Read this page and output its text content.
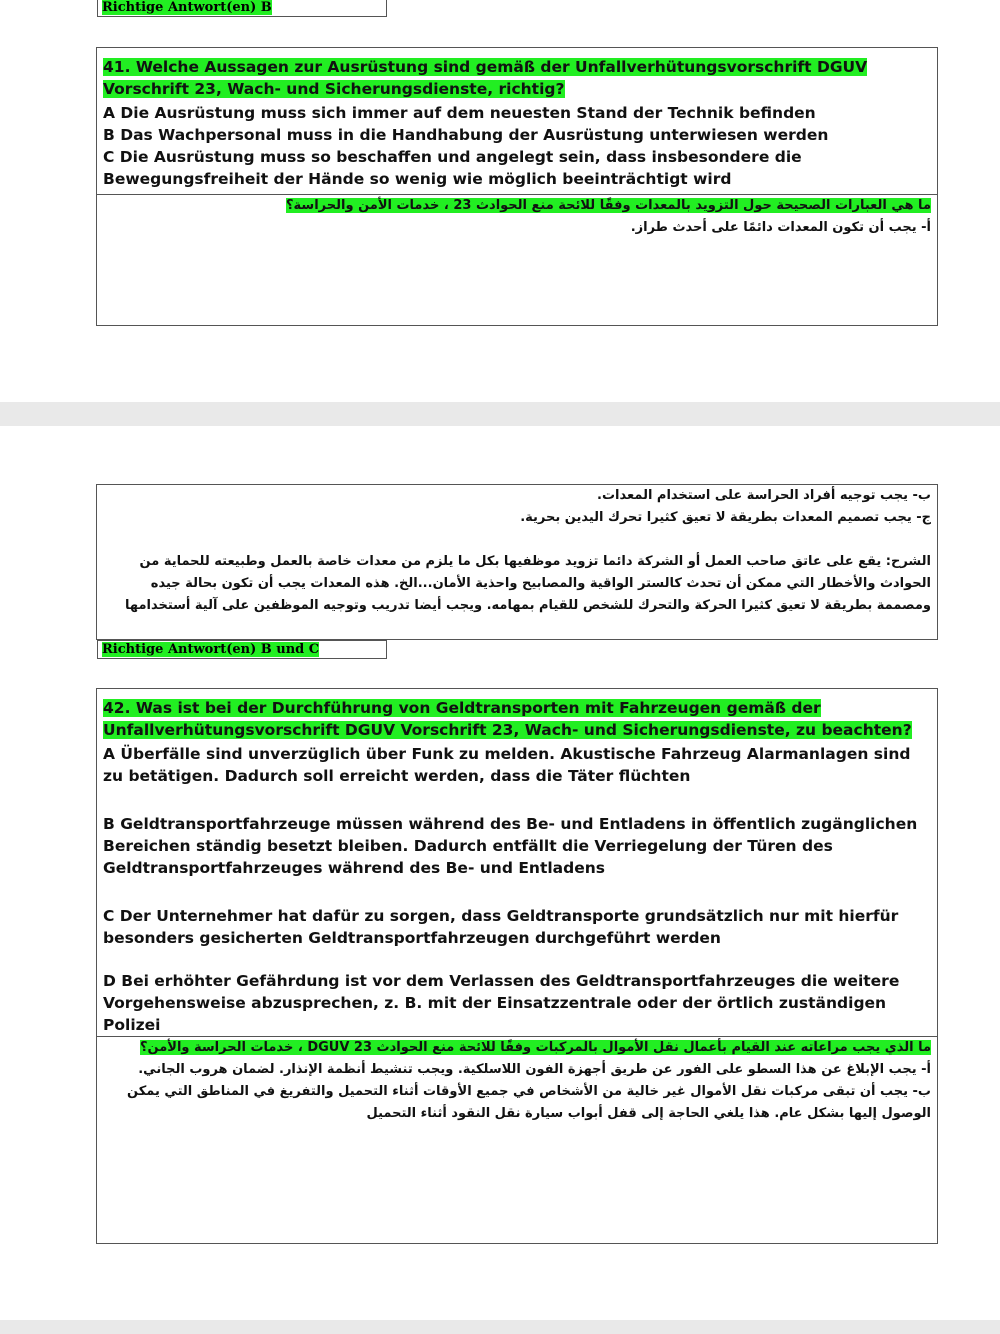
Richtige Antwort(en) B
41. Welche Aussagen zur Ausrüstung sind gemäß der Unfallverhütungsvorschrift DGUV Vorschrift 23, Wach- und Sicherungsdienste, richtig?

A Die Ausrüstung muss sich immer auf dem neuesten Stand der Technik befinden

B Das Wachpersonal muss in die Handhabung der Ausrüstung unterwiesen werden

C Die Ausrüstung muss so beschaffen und angelegt sein, dass insbesondere die Bewegungsfreiheit der Hände so wenig wie möglich beeinträchtigt wird

ما هي العبارات الصحيحة حول التزويد بالمعدات وفقًا للائحة منع الحوادث 23 ، خدمات الأمن والحراسة؟

أ- يجب أن تكون المعدات دائمًا على أحدث طراز.

ب- يجب توجيه أفراد الحراسة على استخدام المعدات.

ج- يجب تصميم المعدات بطريقة لا تعيق كثيرا تحرك اليدين بحرية.

الشرح: يقع على عاتق صاحب العمل أو الشركة دائما تزويد موظفيها بكل ما يلزم من معدات خاصة بالعمل وطبيعته للحماية من الحوادث والأخطار التي ممكن أن تحدث كالستر الواقية والمصابيح واحذية الأمان...الخ. هذه المعدات يجب أن تكون بحالة جيده ومصممة بطريقة لا تعيق كثيرا الحركة والتحرك للشخص للقيام بمهامه. ويجب أيضا تدريب وتوجيه الموظفين على آلية أستخدامها

Richtige Antwort(en) B und C
42. Was ist bei der Durchführung von Geldtransporten mit Fahrzeugen gemäß der Unfallverhütungsvorschrift DGUV Vorschrift 23, Wach- und Sicherungsdienste, zu beachten?

A Überfälle sind unverzüglich über Funk zu melden. Akustische Fahrzeug Alarmanlagen sind zu betätigen. Dadurch soll erreicht werden, dass die Täter flüchten

B Geldtransportfahrzeuge müssen während des Be- und Entladens in öffentlich zugänglichen Bereichen ständig besetzt bleiben. Dadurch entfällt die Verriegelung der Türen des Geldtransportfahrzeuges während des Be- und Entladens

C Der Unternehmer hat dafür zu sorgen, dass Geldtransporte grundsätzlich nur mit hierfür besonders gesicherten Geldtransportfahrzeugen durchgeführt werden

D Bei erhöhter Gefährdung ist vor dem Verlassen des Geldtransportfahrzeuges die weitere Vorgehensweise abzusprechen, z. B. mit der Einsatzzentrale oder der örtlich zuständigen Polizei

ما الذي يجب مراعاته عند القيام بأعمال نقل الأموال بالمركبات وفقًا للائحة منع الحوادث DGUV 23 ، خدمات الحراسة والأمن؟

أ- يجب الإبلاغ عن هذا السطو على الفور عن طريق أجهزة الفون اللاسلكية. ويجب تنشيط أنظمة الإنذار. لضمان هروب الجاني.

ب- يجب أن تبقى مركبات نقل الأموال غير خالية من الأشخاص في جميع الأوقات أثناء التحميل والتفريغ في المناطق التي يمكن الوصول إليها بشكل عام. هذا يلغي الحاجة إلى قفل أبواب سيارة نقل النقود أثناء التحميل
